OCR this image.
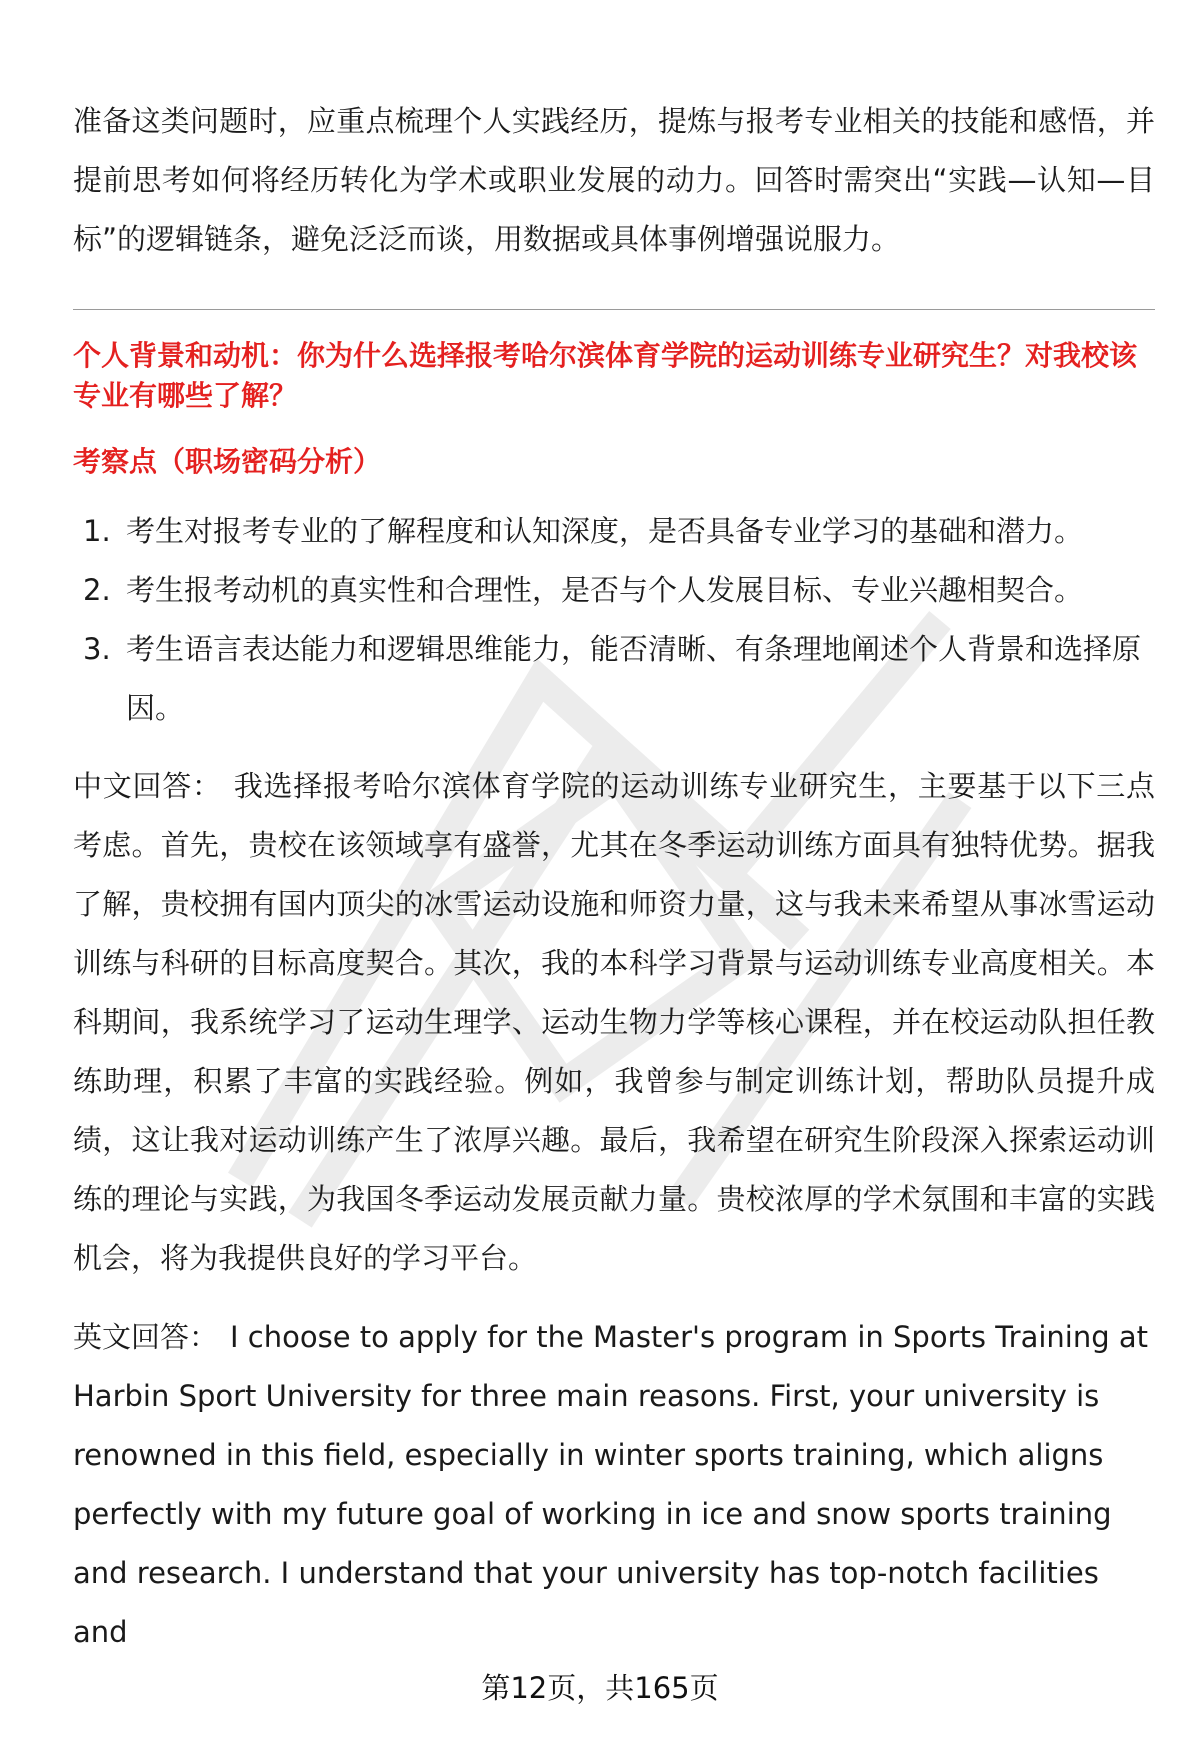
准备这类问题时，应重点梳理个人实践经历，提炼与报考专业相关的技能和感悟，并提前思考如何将经历转化为学术或职业发展的动力。回答时需突出“实践—认知—目标”的逻辑链条，避免泛泛而谈，用数据或具体事例增强说服力。

个人背景和动机：你为什么选择报考哈尔滨体育学院的运动训练专业研究生？对我校该专业有哪些了解？

考察点（职场密码分析）

1. 考生对报考专业的了解程度和认知深度，是否具备专业学习的基础和潜力。
2. 考生报考动机的真实性和合理性，是否与个人发展目标、专业兴趣相契合。
3. 考生语言表达能力和逻辑思维能力，能否清晰、有条理地阐述个人背景和选择原因。

中文回答： 我选择报考哈尔滨体育学院的运动训练专业研究生，主要基于以下三点考虑。首先，贵校在该领域享有盛誉，尤其在冬季运动训练方面具有独特优势。据我了解，贵校拥有国内顶尖的冰雪运动设施和师资力量，这与我未来希望从事冰雪运动训练与科研的目标高度契合。其次，我的本科学习背景与运动训练专业高度相关。本科期间，我系统学习了运动生理学、运动生物力学等核心课程，并在校运动队担任教练助理，积累了丰富的实践经验。例如，我曾参与制定训练计划，帮助队员提升成绩，这让我对运动训练产生了浓厚兴趣。最后，我希望在研究生阶段深入探索运动训练的理论与实践，为我国冬季运动发展贡献力量。贵校浓厚的学术氛围和丰富的实践机会，将为我提供良好的学习平台。

英文回答： I choose to apply for the Master's program in Sports Training at Harbin Sport University for three main reasons. First, your university is renowned in this field, especially in winter sports training, which aligns perfectly with my future goal of working in ice and snow sports training and research. I understand that your university has top-notch facilities and

第12页，共165页
